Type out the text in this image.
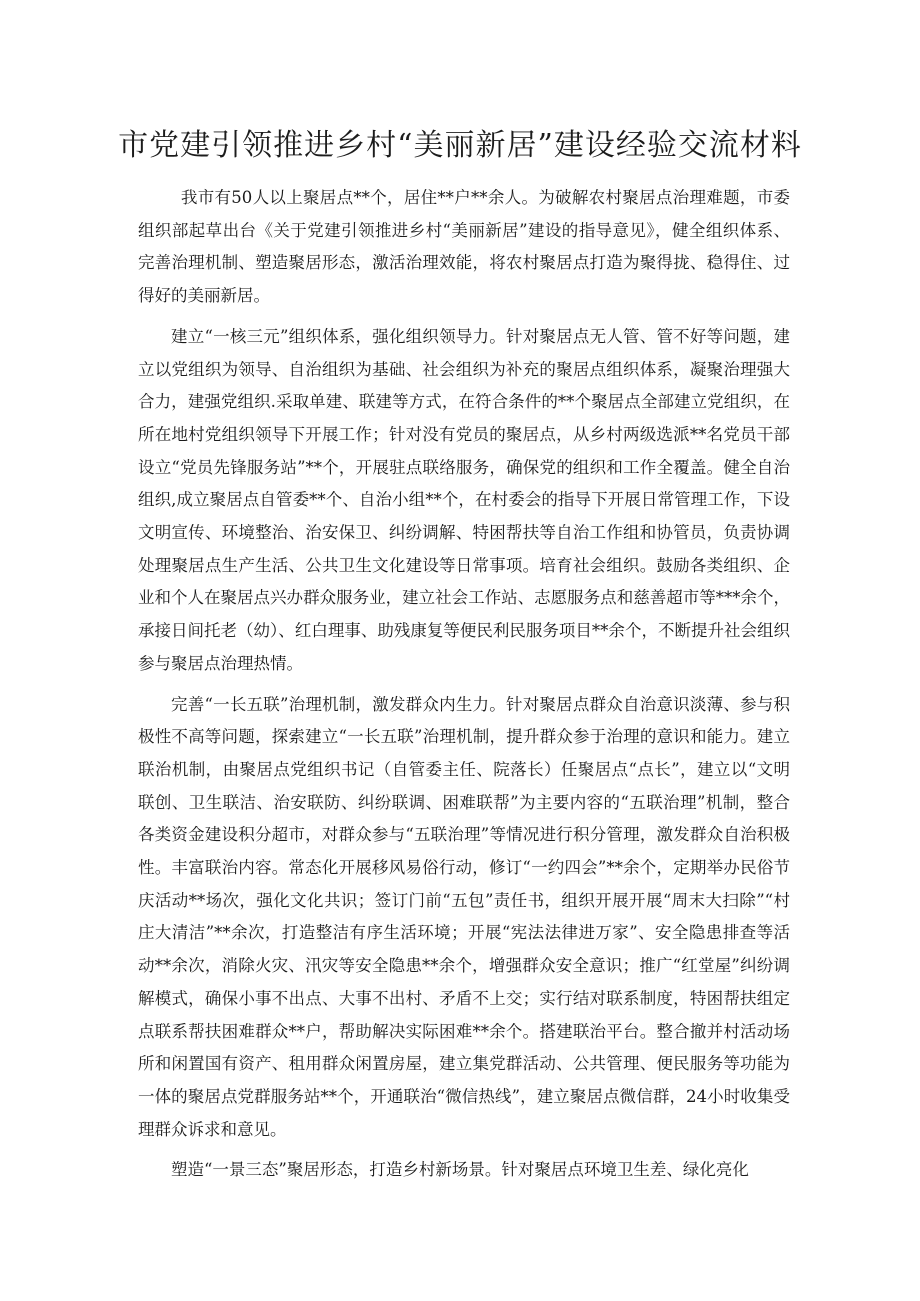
市党建引领推进乡村“美丽新居”建设经验交流材料

我市有50人以上聚居点**个，居住**户**余人。为破解农村聚居点治理难题，市委组织部起草出台《关于党建引领推进乡村“美丽新居”建设的指导意见》，健全组织体系、完善治理机制、塑造聚居形态，激活治理效能，将农村聚居点打造为聚得拢、稳得住、过得好的美丽新居。

建立“一核三元”组织体系，强化组织领导力。针对聚居点无人管、管不好等问题，建立以党组织为领导、自治组织为基础、社会组织为补充的聚居点组织体系，凝聚治理强大合力，建强党组织.采取单建、联建等方式，在符合条件的**个聚居点全部建立党组织，在所在地村党组织领导下开展工作；针对没有党员的聚居点，从乡村两级选派**名党员干部设立“党员先锋服务站”**个，开展驻点联络服务，确保党的组织和工作全覆盖。健全自治组织,成立聚居点自管委**个、自治小组**个，在村委会的指导下开展日常管理工作，下设文明宣传、环境整治、治安保卫、纠纷调解、特困帮扶等自治工作组和协管员，负责协调处理聚居点生产生活、公共卫生文化建设等日常事项。培育社会组织。鼓励各类组织、企业和个人在聚居点兴办群众服务业，建立社会工作站、志愿服务点和慈善超市等***余个，承接日间托老（幼）、红白理事、助残康复等便民利民服务项目**余个，不断提升社会组织参与聚居点治理热情。

完善“一长五联”治理机制，激发群众内生力。针对聚居点群众自治意识淡薄、参与积极性不高等问题，探索建立“一长五联”治理机制，提升群众参于治理的意识和能力。建立联治机制，由聚居点党组织书记（自管委主任、院落长）任聚居点“点长”，建立以“文明联创、卫生联洁、治安联防、纠纷联调、困难联帮”为主要内容的“五联治理”机制，整合各类资金建设积分超市，对群众参与“五联治理”等情况进行积分管理，激发群众自治积极性。丰富联治内容。常态化开展移风易俗行动，修订“一约四会”**余个，定期举办民俗节庆活动**场次，强化文化共识；签订门前“五包”责任书，组织开展开展“周末大扫除”“村庄大清洁”**余次，打造整洁有序生活环境；开展“宪法法律进万家”、安全隐患排查等活动**余次，消除火灾、汛灾等安全隐患**余个，增强群众安全意识；推广“红堂屋”纠纷调解模式，确保小事不出点、大事不出村、矛盾不上交；实行结对联系制度，特困帮扶组定点联系帮扶困难群众**户，帮助解决实际困难**余个。搭建联治平台。整合撤并村活动场所和闲置国有资产、租用群众闲置房屋，建立集党群活动、公共管理、便民服务等功能为一体的聚居点党群服务站**个，开通联治“微信热线”，建立聚居点微信群，24小时收集受理群众诉求和意见。

塑造“一景三态”聚居形态，打造乡村新场景。针对聚居点环境卫生差、绿化亮化
